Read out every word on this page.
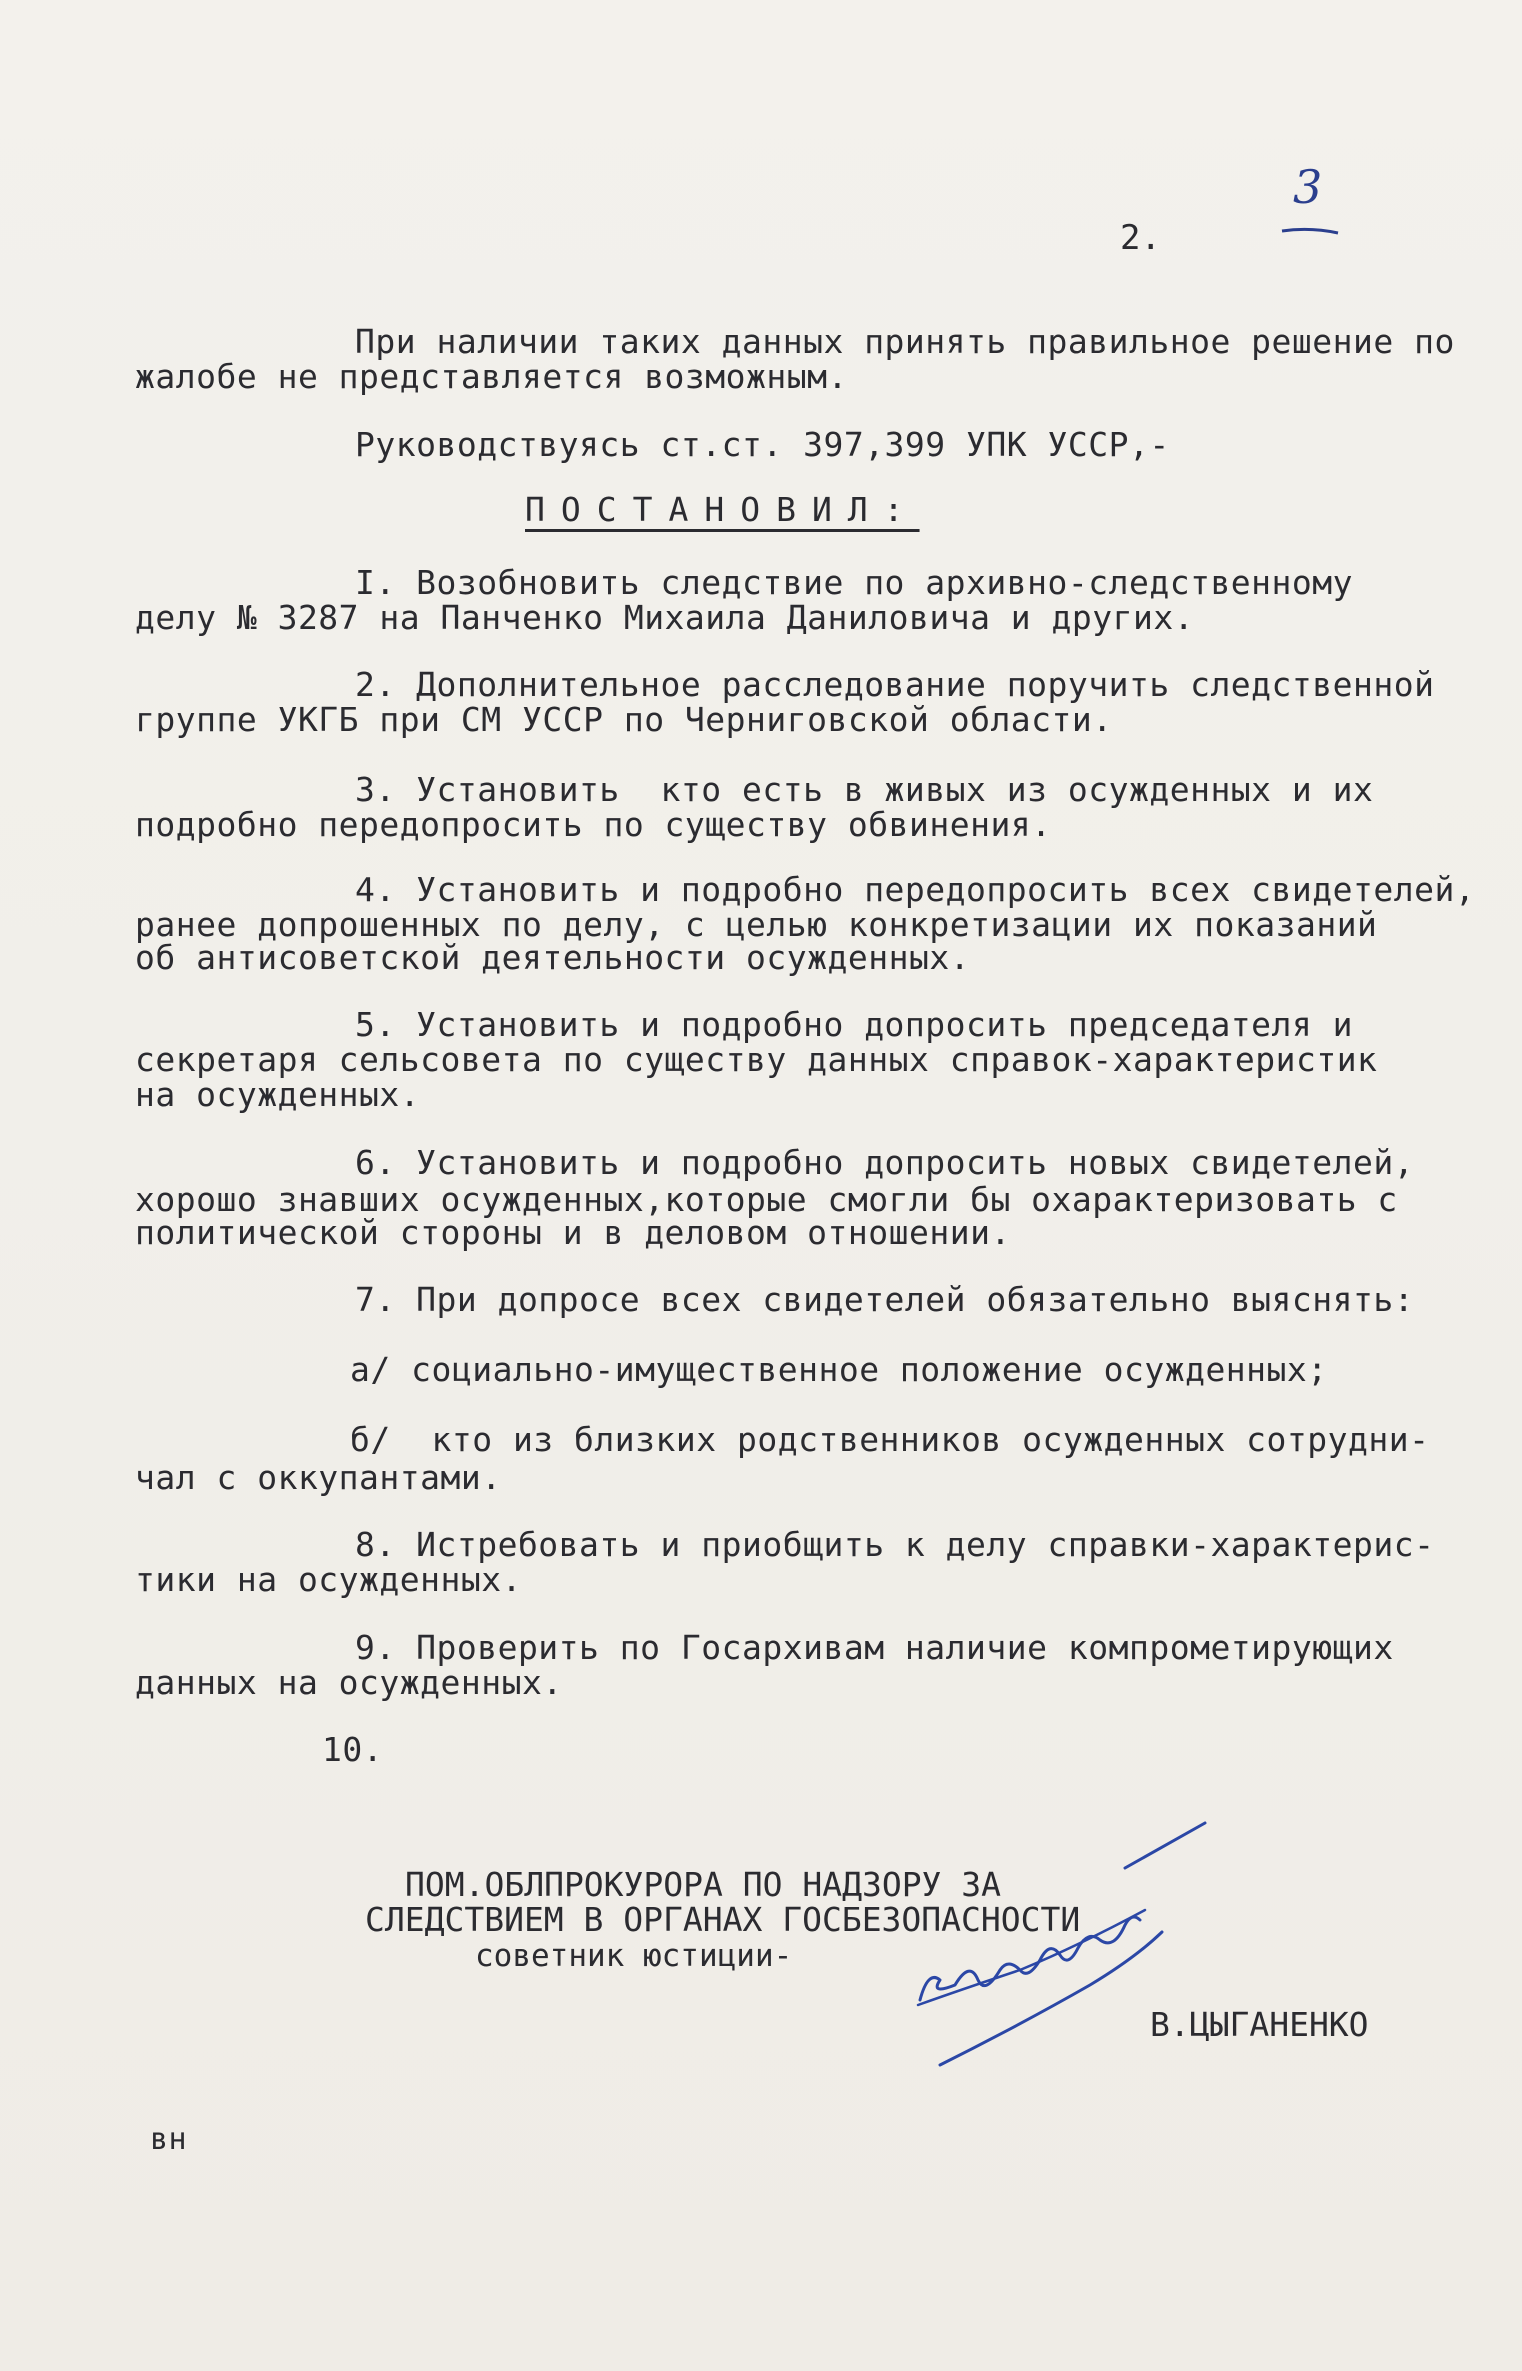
2.
3
При наличии таких данных принять правильное решение по
жалобе не представляется возможным.
Руководствуясь ст.ст. 397,399 УПК УССР,-
ПОСТАНОВИЛ:
I. Возобновить следствие по архивно-следственному
делу № 3287 на Панченко Михаила Даниловича и других.
2. Дополнительное расследование поручить следственной
группе УКГБ при СМ УССР по Черниговской области.
3. Установить  кто есть в живых из осужденных и их
подробно передопросить по существу обвинения.
4. Установить и подробно передопросить всех свидетелей,
ранее допрошенных по делу, с целью конкретизации их показаний
об антисоветской деятельности осужденных.
5. Установить и подробно допросить председателя и
секретаря сельсовета по существу данных справок-характеристик
на осужденных.
6. Установить и подробно допросить новых свидетелей,
хорошо знавших осужденных,которые смогли бы охарактеризовать с
политической стороны и в деловом отношении.
7. При допросе всех свидетелей обязательно выяснять:
а/ социально-имущественное положение осужденных;
б/  кто из близких родственников осужденных сотрудни-
чал с оккупантами.
8. Истребовать и приобщить к делу справки-характерис-
тики на осужденных.
9. Проверить по Госархивам наличие компрометирующих
данных на осужденных.
10.
ПОМ.ОБЛПРОКУРОРА ПО НАДЗОРУ ЗА
СЛЕДСТВИЕМ В ОРГАНАХ ГОСБЕЗОПАСНОСТИ
советник юстиции-
В.ЦЫГАНЕНКО
вн
